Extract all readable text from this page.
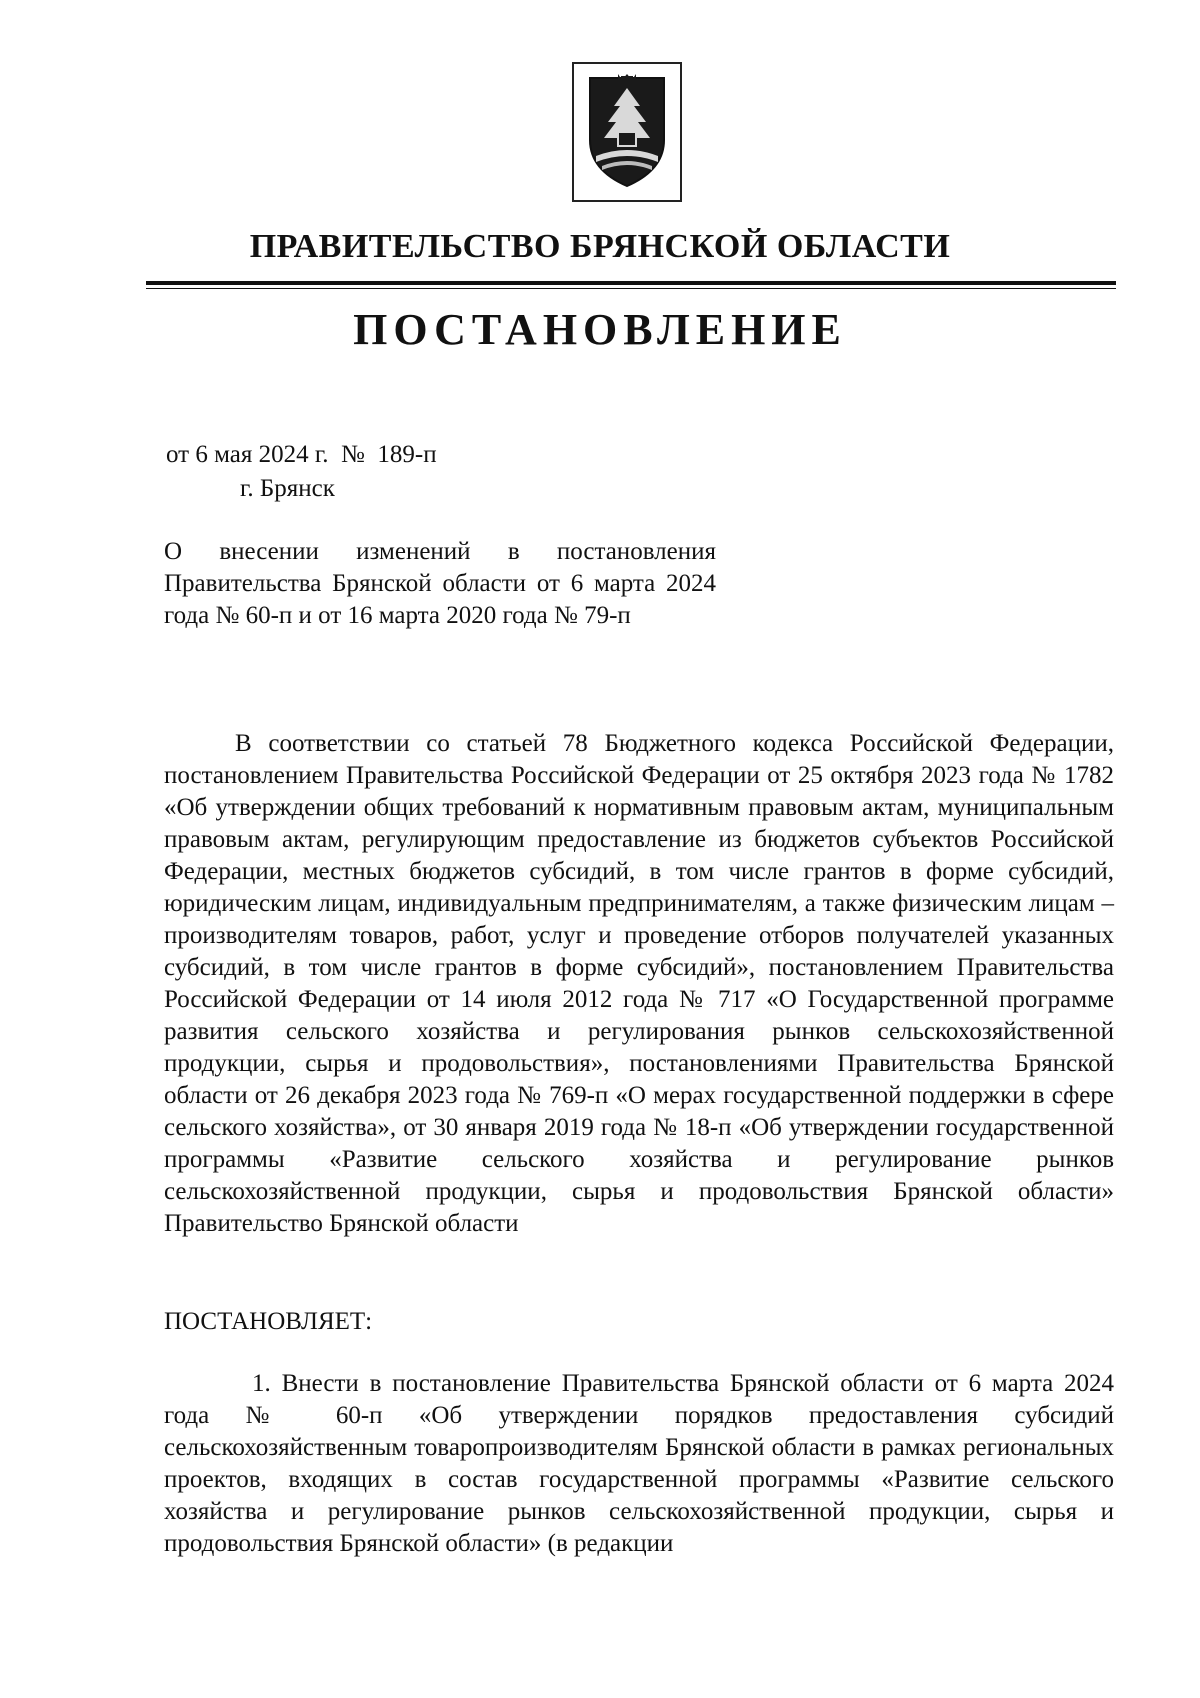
ПРАВИТЕЛЬСТВО БРЯНСКОЙ ОБЛАСТИ
ПОСТАНОВЛЕНИЕ
от 6 мая 2024 г. № 189-п
г. Брянск
О внесении изменений в постановления Правительства Брянской области от 6 марта 2024 года № 60-п и от 16 марта 2020 года № 79-п
В соответствии со статьей 78 Бюджетного кодекса Российской Федерации, постановлением Правительства Российской Федерации от 25 октября 2023 года № 1782 «Об утверждении общих требований к нормативным правовым актам, муниципальным правовым актам, регулирующим предоставление из бюджетов субъектов Российской Федерации, местных бюджетов субсидий, в том числе грантов в форме субсидий, юридическим лицам, индивидуальным предпринимателям, а также физическим лицам – производителям товаров, работ, услуг и проведение отборов получателей указанных субсидий, в том числе грантов в форме субсидий», постановлением Правительства Российской Федерации от 14 июля 2012 года № 717 «О Государственной программе развития сельского хозяйства и регулирования рынков сельскохозяйственной продукции, сырья и продовольствия», постановлениями Правительства Брянской области от 26 декабря 2023 года № 769-п «О мерах государственной поддержки в сфере сельского хозяйства», от 30 января 2019 года № 18-п «Об утверждении государственной программы «Развитие сельского хозяйства и регулирование рынков сельскохозяйственной продукции, сырья и продовольствия Брянской области» Правительство Брянской области
ПОСТАНОВЛЯЕТ:
1. Внести в постановление Правительства Брянской области от 6 марта 2024 года № 60-п «Об утверждении порядков предоставления субсидий сельскохозяйственным товаропроизводителям Брянской области в рамках региональных проектов, входящих в состав государственной программы «Развитие сельского хозяйства и регулирование рынков сельскохозяйственной продукции, сырья и продовольствия Брянской области» (в редакции
